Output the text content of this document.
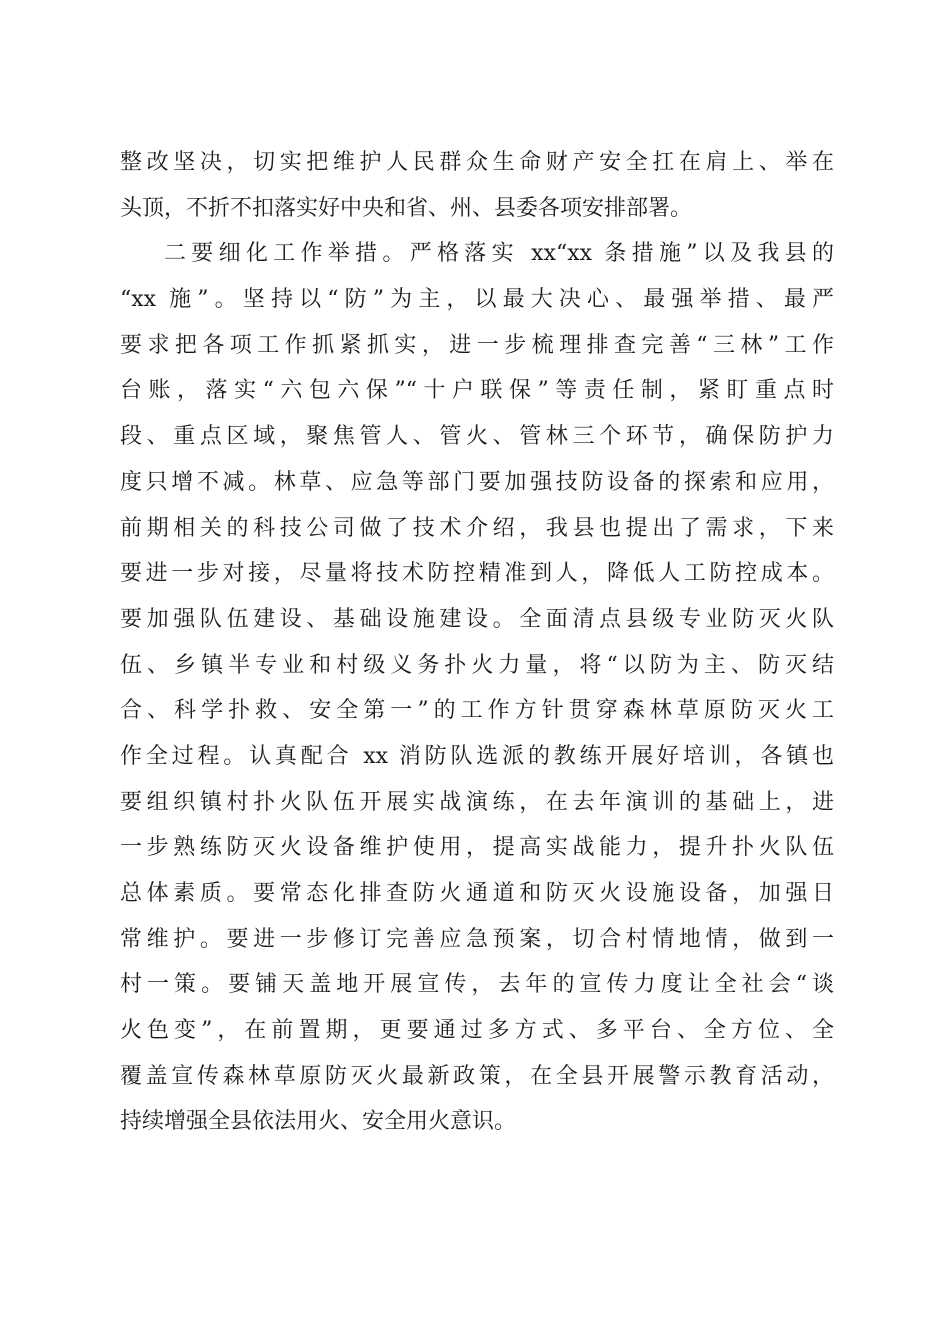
整改坚决，切实把维护人民群众生命财产安全扛在肩上、举在
头顶，不折不扣落实好中央和省、州、县委各项安排部署。
二要细化工作举措。严格落实 xx“xx 条措施”以及我县的
“xx 施”。坚持以“防”为主，以最大决心、最强举措、最严
要求把各项工作抓紧抓实，进一步梳理排查完善“三林”工作
台账，落实“六包六保”“十户联保”等责任制，紧盯重点时
段、重点区域，聚焦管人、管火、管林三个环节，确保防护力
度只增不减。林草、应急等部门要加强技防设备的探索和应用，
前期相关的科技公司做了技术介绍，我县也提出了需求，下来
要进一步对接，尽量将技术防控精准到人，降低人工防控成本。
要加强队伍建设、基础设施建设。全面清点县级专业防灭火队
伍、乡镇半专业和村级义务扑火力量，将“以防为主、防灭结
合、科学扑救、安全第一”的工作方针贯穿森林草原防灭火工
作全过程。认真配合 xx 消防队选派的教练开展好培训，各镇也
要组织镇村扑火队伍开展实战演练，在去年演训的基础上，进
一步熟练防灭火设备维护使用，提高实战能力，提升扑火队伍
总体素质。要常态化排查防火通道和防灭火设施设备，加强日
常维护。要进一步修订完善应急预案，切合村情地情，做到一
村一策。要铺天盖地开展宣传，去年的宣传力度让全社会“谈
火色变”，在前置期，更要通过多方式、多平台、全方位、全
覆盖宣传森林草原防灭火最新政策，在全县开展警示教育活动，
持续增强全县依法用火、安全用火意识。
